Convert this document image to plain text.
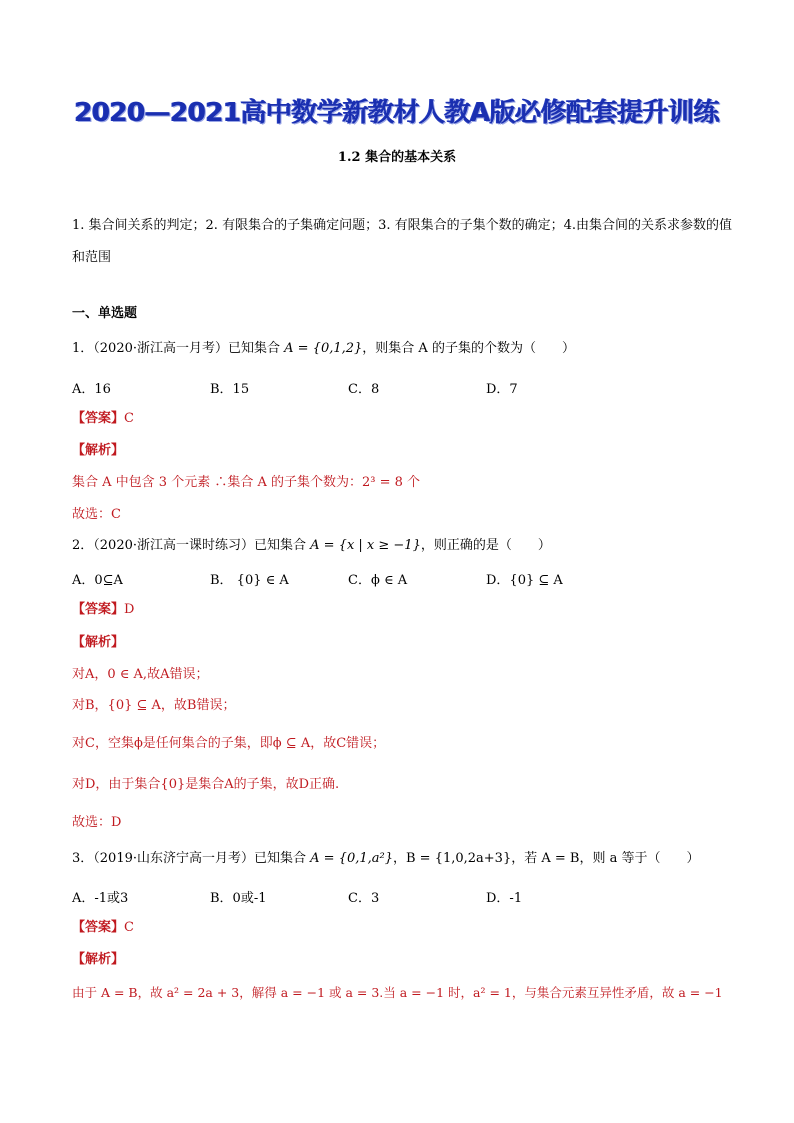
2020—2021高中数学新教材人教A版必修配套提升训练
1.2 集合的基本关系
1. 集合间关系的判定；2. 有限集合的子集确定问题；3. 有限集合的子集个数的确定；4.由集合间的关系求参数的值和范围
一、单选题
1．（2020·浙江高一月考）已知集合 A = {0,1,2}，则集合 A 的子集的个数为（　　）
A．16	B．15	C．8	D．7
【答案】C
【解析】
集合 A 中包含 3 个元素 ∴集合 A 的子集个数为：2³ = 8 个
故选：C
2．（2020·浙江高一课时练习）已知集合 A = {x | x ≥ −1}，则正确的是（　　）
A．0⊆A	B． {0} ∈ A	C．ϕ ∈ A	D．{0} ⊆ A
【答案】D
【解析】
对A，0 ∈ A,故A错误；
对B，{0} ⊆ A，故B错误；
对C，空集ϕ是任何集合的子集，即ϕ ⊆ A，故C错误；
对D，由于集合{0}是集合A的子集，故D正确.
故选：D
3．（2019·山东济宁高一月考）已知集合 A = {0,1,a²}，B = {1,0,2a+3}，若 A = B，则 a 等于（　　）
A．-1或3	B．0或-1	C．3	D．-1
【答案】C
【解析】
由于 A = B，故 a² = 2a + 3，解得 a = −1 或 a = 3.当 a = −1 时，a² = 1，与集合元素互异性矛盾，故 a = −1
